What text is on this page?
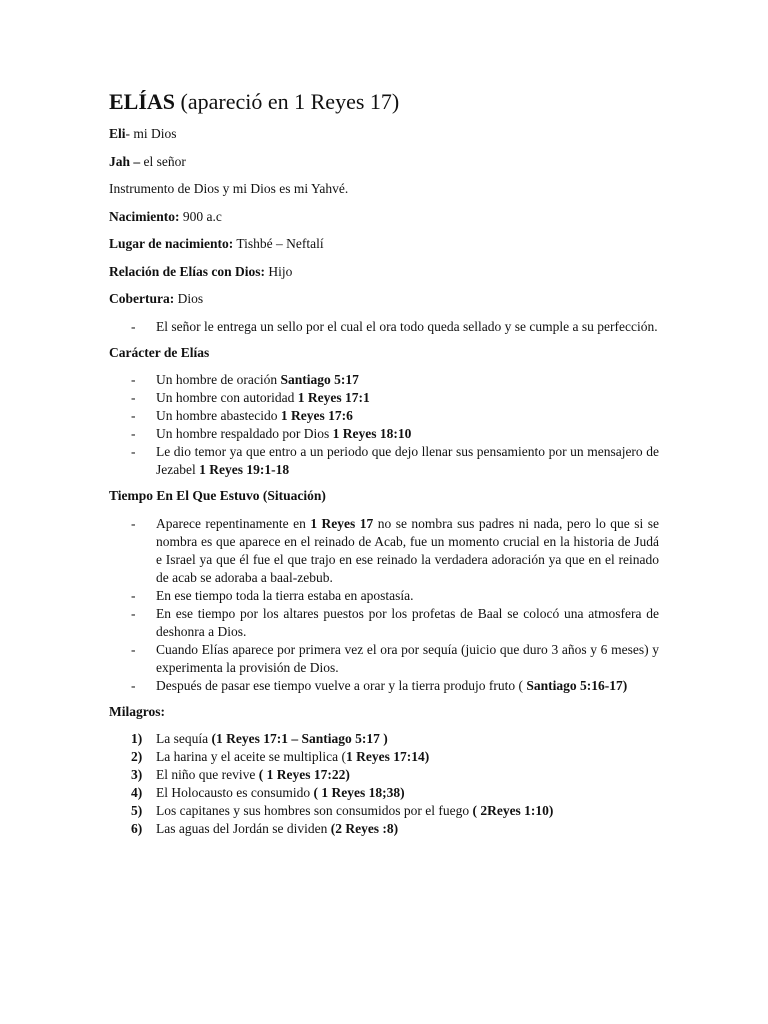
ELÍAS (apareció en 1 Reyes 17)

Eli- mi Dios

Jah – el señor

Instrumento de Dios y mi Dios es mi Yahvé.

Nacimiento: 900 a.c

Lugar de nacimiento: Tishbé – Neftalí

Relación de Elías con Dios: Hijo

Cobertura: Dios

- El señor le entrega un sello por el cual el ora todo queda sellado y se cumple a su perfección.

Carácter de Elías

- Un hombre de oración Santiago 5:17
- Un hombre con autoridad 1 Reyes 17:1
- Un hombre abastecido 1 Reyes 17:6
- Un hombre respaldado por Dios 1 Reyes 18:10
- Le dio temor ya que entro a un periodo que dejo llenar sus pensamiento por un mensajero de Jezabel 1 Reyes 19:1-18

Tiempo En El Que Estuvo (Situación)

- Aparece repentinamente en 1 Reyes 17 no se nombra sus padres ni nada, pero lo que si se nombra es que aparece en el reinado de Acab, fue un momento crucial en la historia de Judá e Israel ya que él fue el que trajo en ese reinado la verdadera adoración ya que en el reinado de acab se adoraba a baal-zebub.
- En ese tiempo toda la tierra estaba en apostasía.
- En ese tiempo por los altares puestos por los profetas de Baal se colocó una atmosfera de deshonra a Dios.
- Cuando Elías aparece por primera vez el ora por sequía (juicio que duro 3 años y 6 meses) y experimenta la provisión de Dios.
- Después de pasar ese tiempo vuelve a orar y la tierra produjo fruto ( Santiago 5:16-17)

Milagros:

1) La sequía (1 Reyes 17:1 – Santiago 5:17 )
2) La harina y el aceite se multiplica (1 Reyes 17:14)
3) El niño que revive ( 1 Reyes 17:22)
4) El Holocausto es consumido ( 1 Reyes 18;38)
5) Los capitanes y sus hombres son consumidos por el fuego ( 2Reyes 1:10)
6) Las aguas del Jordán se dividen (2 Reyes :8)
